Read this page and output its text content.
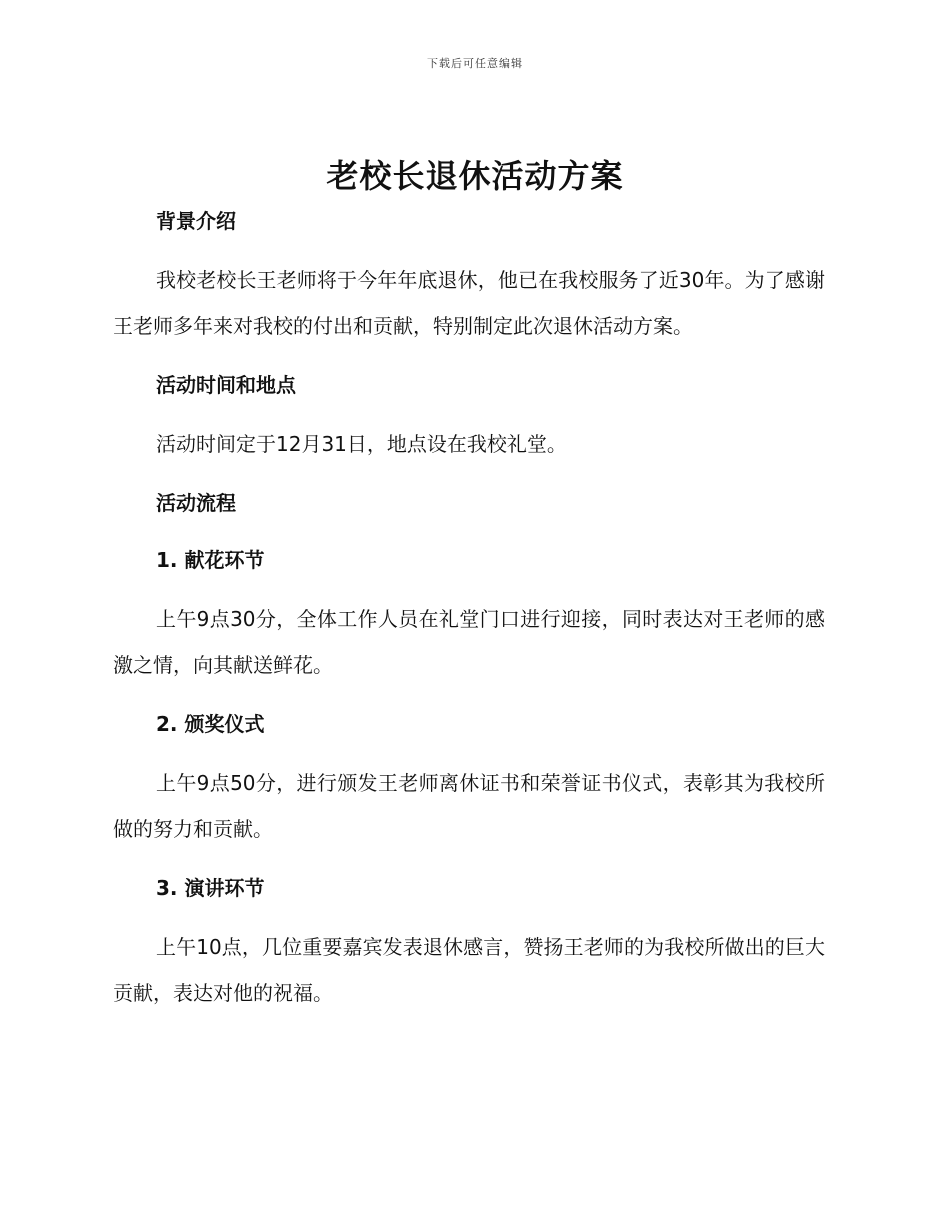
下载后可任意编辑
老校长退休活动方案
背景介绍

我校老校长王老师将于今年年底退休，他已在我校服务了近30年。为了感谢王老师多年来对我校的付出和贡献，特别制定此次退休活动方案。

活动时间和地点

活动时间定于12月31日，地点设在我校礼堂。

活动流程
1. 献花环节

上午9点30分，全体工作人员在礼堂门口进行迎接，同时表达对王老师的感激之情，向其献送鲜花。

2. 颁奖仪式

上午9点50分，进行颁发王老师离休证书和荣誉证书仪式，表彰其为我校所做的努力和贡献。

3. 演讲环节

上午10点，几位重要嘉宾发表退休感言，赞扬王老师的为我校所做出的巨大贡献，表达对他的祝福。
